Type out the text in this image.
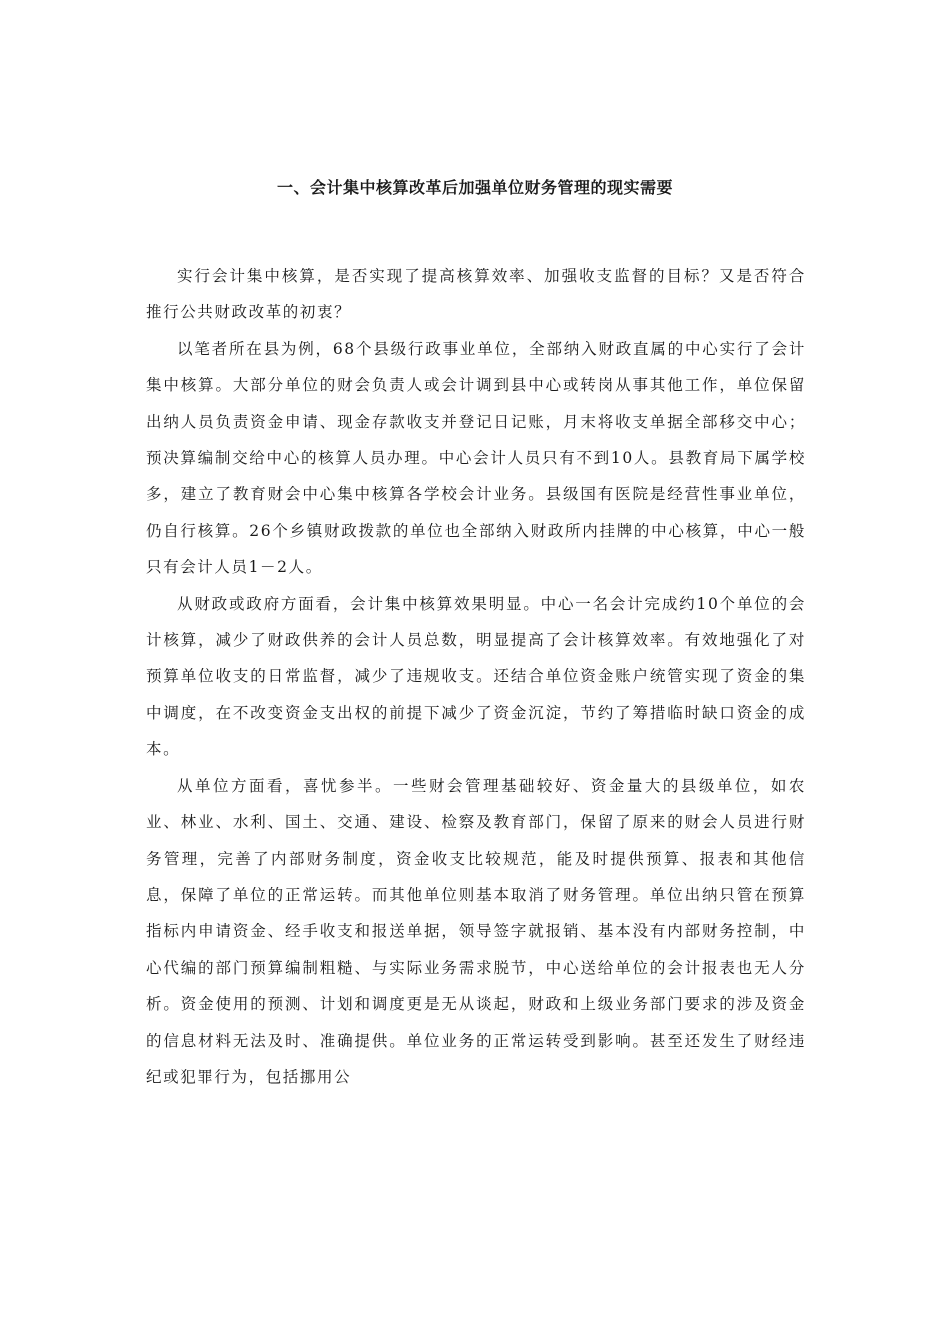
一、会计集中核算改革后加强单位财务管理的现实需要

实行会计集中核算，是否实现了提高核算效率、加强收支监督的目标？又是否符合推行公共财政改革的初衷？

以笔者所在县为例，68个县级行政事业单位，全部纳入财政直属的中心实行了会计集中核算。大部分单位的财会负责人或会计调到县中心或转岗从事其他工作，单位保留出纳人员负责资金申请、现金存款收支并登记日记账，月末将收支单据全部移交中心；预决算编制交给中心的核算人员办理。中心会计人员只有不到10人。县教育局下属学校多，建立了教育财会中心集中核算各学校会计业务。县级国有医院是经营性事业单位，仍自行核算。26个乡镇财政拨款的单位也全部纳入财政所内挂牌的中心核算，中心一般只有会计人员1－2人。

从财政或政府方面看，会计集中核算效果明显。中心一名会计完成约10个单位的会计核算，减少了财政供养的会计人员总数，明显提高了会计核算效率。有效地强化了对预算单位收支的日常监督，减少了违规收支。还结合单位资金账户统管实现了资金的集中调度，在不改变资金支出权的前提下减少了资金沉淀，节约了筹措临时缺口资金的成本。

从单位方面看，喜忧参半。一些财会管理基础较好、资金量大的县级单位，如农业、林业、水利、国土、交通、建设、检察及教育部门，保留了原来的财会人员进行财务管理，完善了内部财务制度，资金收支比较规范，能及时提供预算、报表和其他信息，保障了单位的正常运转。而其他单位则基本取消了财务管理。单位出纳只管在预算指标内申请资金、经手收支和报送单据，领导签字就报销、基本没有内部财务控制，中心代编的部门预算编制粗糙、与实际业务需求脱节，中心送给单位的会计报表也无人分析。资金使用的预测、计划和调度更是无从谈起，财政和上级业务部门要求的涉及资金的信息材料无法及时、准确提供。单位业务的正常运转受到影响。甚至还发生了财经违纪或犯罪行为，包括挪用公
